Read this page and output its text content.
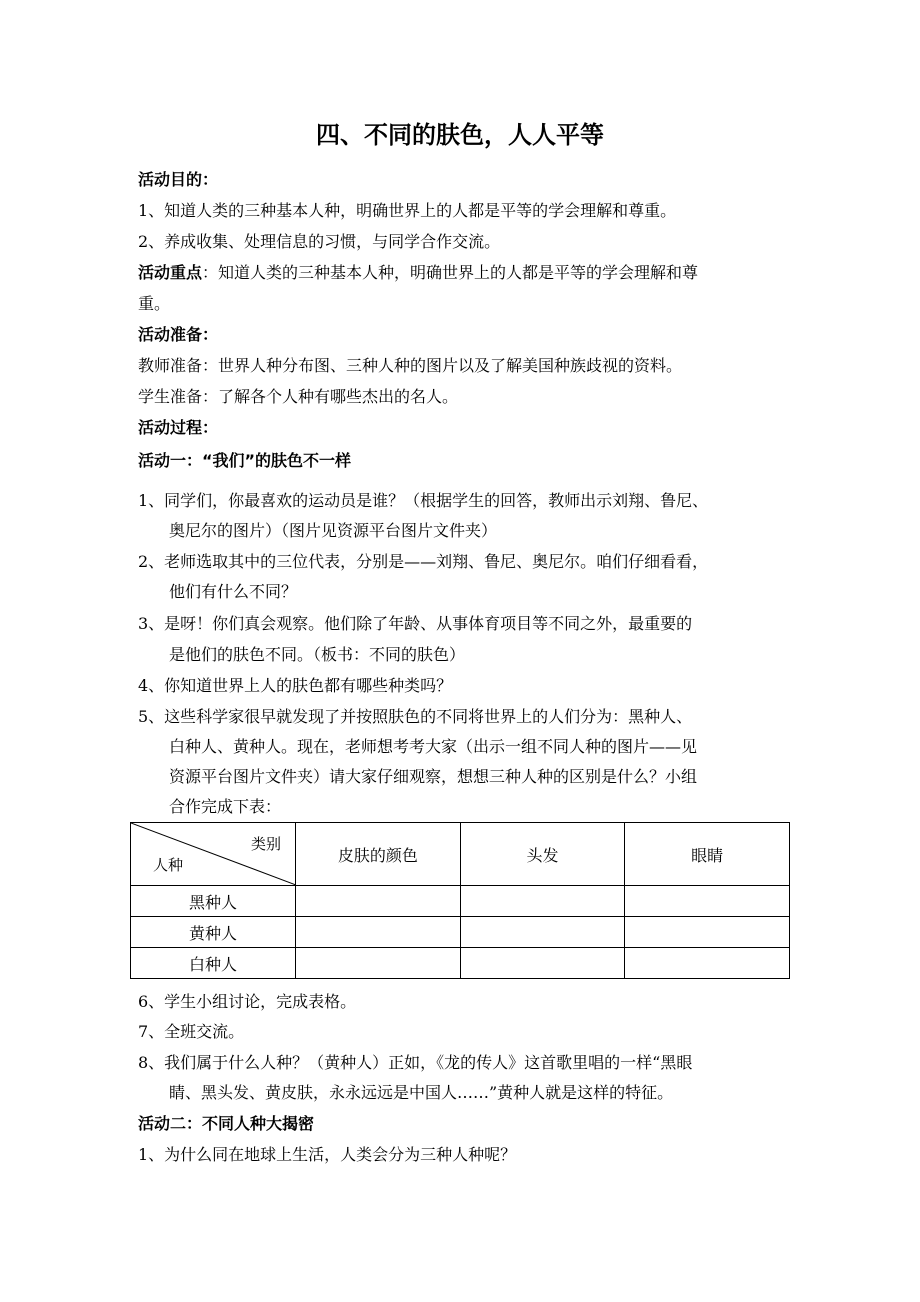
四、不同的肤色，人人平等

活动目的：

1、知道人类的三种基本人种，明确世界上的人都是平等的学会理解和尊重。

2、养成收集、处理信息的习惯，与同学合作交流。

活动重点：知道人类的三种基本人种，明确世界上的人都是平等的学会理解和尊

重。

活动准备：

教师准备：世界人种分布图、三种人种的图片以及了解美国种族歧视的资料。

学生准备：了解各个人种有哪些杰出的名人。

活动过程：

活动一：“我们”的肤色不一样

1、同学们，你最喜欢的运动员是谁？（根据学生的回答，教师出示刘翔、鲁尼、

奥尼尔的图片）（图片见资源平台图片文件夹）

2、老师选取其中的三位代表，分别是——刘翔、鲁尼、奥尼尔。咱们仔细看看，

他们有什么不同？

3、是呀！你们真会观察。他们除了年龄、从事体育项目等不同之外，最重要的

是他们的肤色不同。（板书：不同的肤色）

4、你知道世界上人的肤色都有哪些种类吗？

5、这些科学家很早就发现了并按照肤色的不同将世界上的人们分为：黑种人、

白种人、黄种人。现在，老师想考考大家（出示一组不同人种的图片——见

资源平台图片文件夹）请大家仔细观察，想想三种人种的区别是什么？小组

合作完成下表：

类别
人种	皮肤的颜色	头发	眼睛
黑种人			
黄种人			
白种人			

6、学生小组讨论，完成表格。

7、全班交流。

8、我们属于什么人种？（黄种人）正如，《龙的传人》这首歌里唱的一样“黑眼

睛、黑头发、黄皮肤，永永远远是中国人……”黄种人就是这样的特征。

活动二：不同人种大揭密

1、为什么同在地球上生活，人类会分为三种人种呢？
